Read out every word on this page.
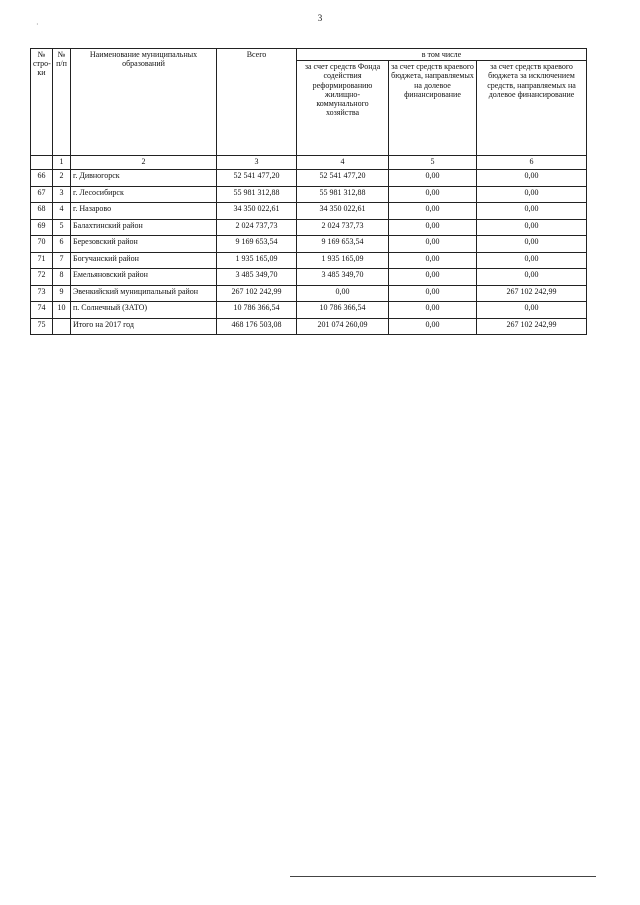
3
·
№ стро-ки	№ п/п	Наименование муниципальных образований	Всего	в том числе		
				за счет средств Фонда содействия реформированию жилищно-коммунального хозяйства	за счет средств краевого бюджета, направляемых на долевое финансирование	за счет средств краевого бюджета за исключением средств, направляемых на долевое финансирование
	1	2	3	4	5	6
66	2	г. Дивногорск	52 541 477,20	52 541 477,20	0,00	0,00
67	3	г. Лесосибирск	55 981 312,88	55 981 312,88	0,00	0,00
68	4	г. Назарово	34 350 022,61	34 350 022,61	0,00	0,00
69	5	Балахтинский район	2 024 737,73	2 024 737,73	0,00	0,00
70	6	Березовский район	9 169 653,54	9 169 653,54	0,00	0,00
71	7	Богучанский район	1 935 165,09	1 935 165,09	0,00	0,00
72	8	Емельяновский район	3 485 349,70	3 485 349,70	0,00	0,00
73	9	Эвенкийский муниципальный район	267 102 242,99	0,00	0,00	267 102 242,99
74	10	п. Солнечный (ЗАТО)	10 786 366,54	10 786 366,54	0,00	0,00
75		Итого на 2017 год	468 176 503,08	201 074 260,09	0,00	267 102 242,99
